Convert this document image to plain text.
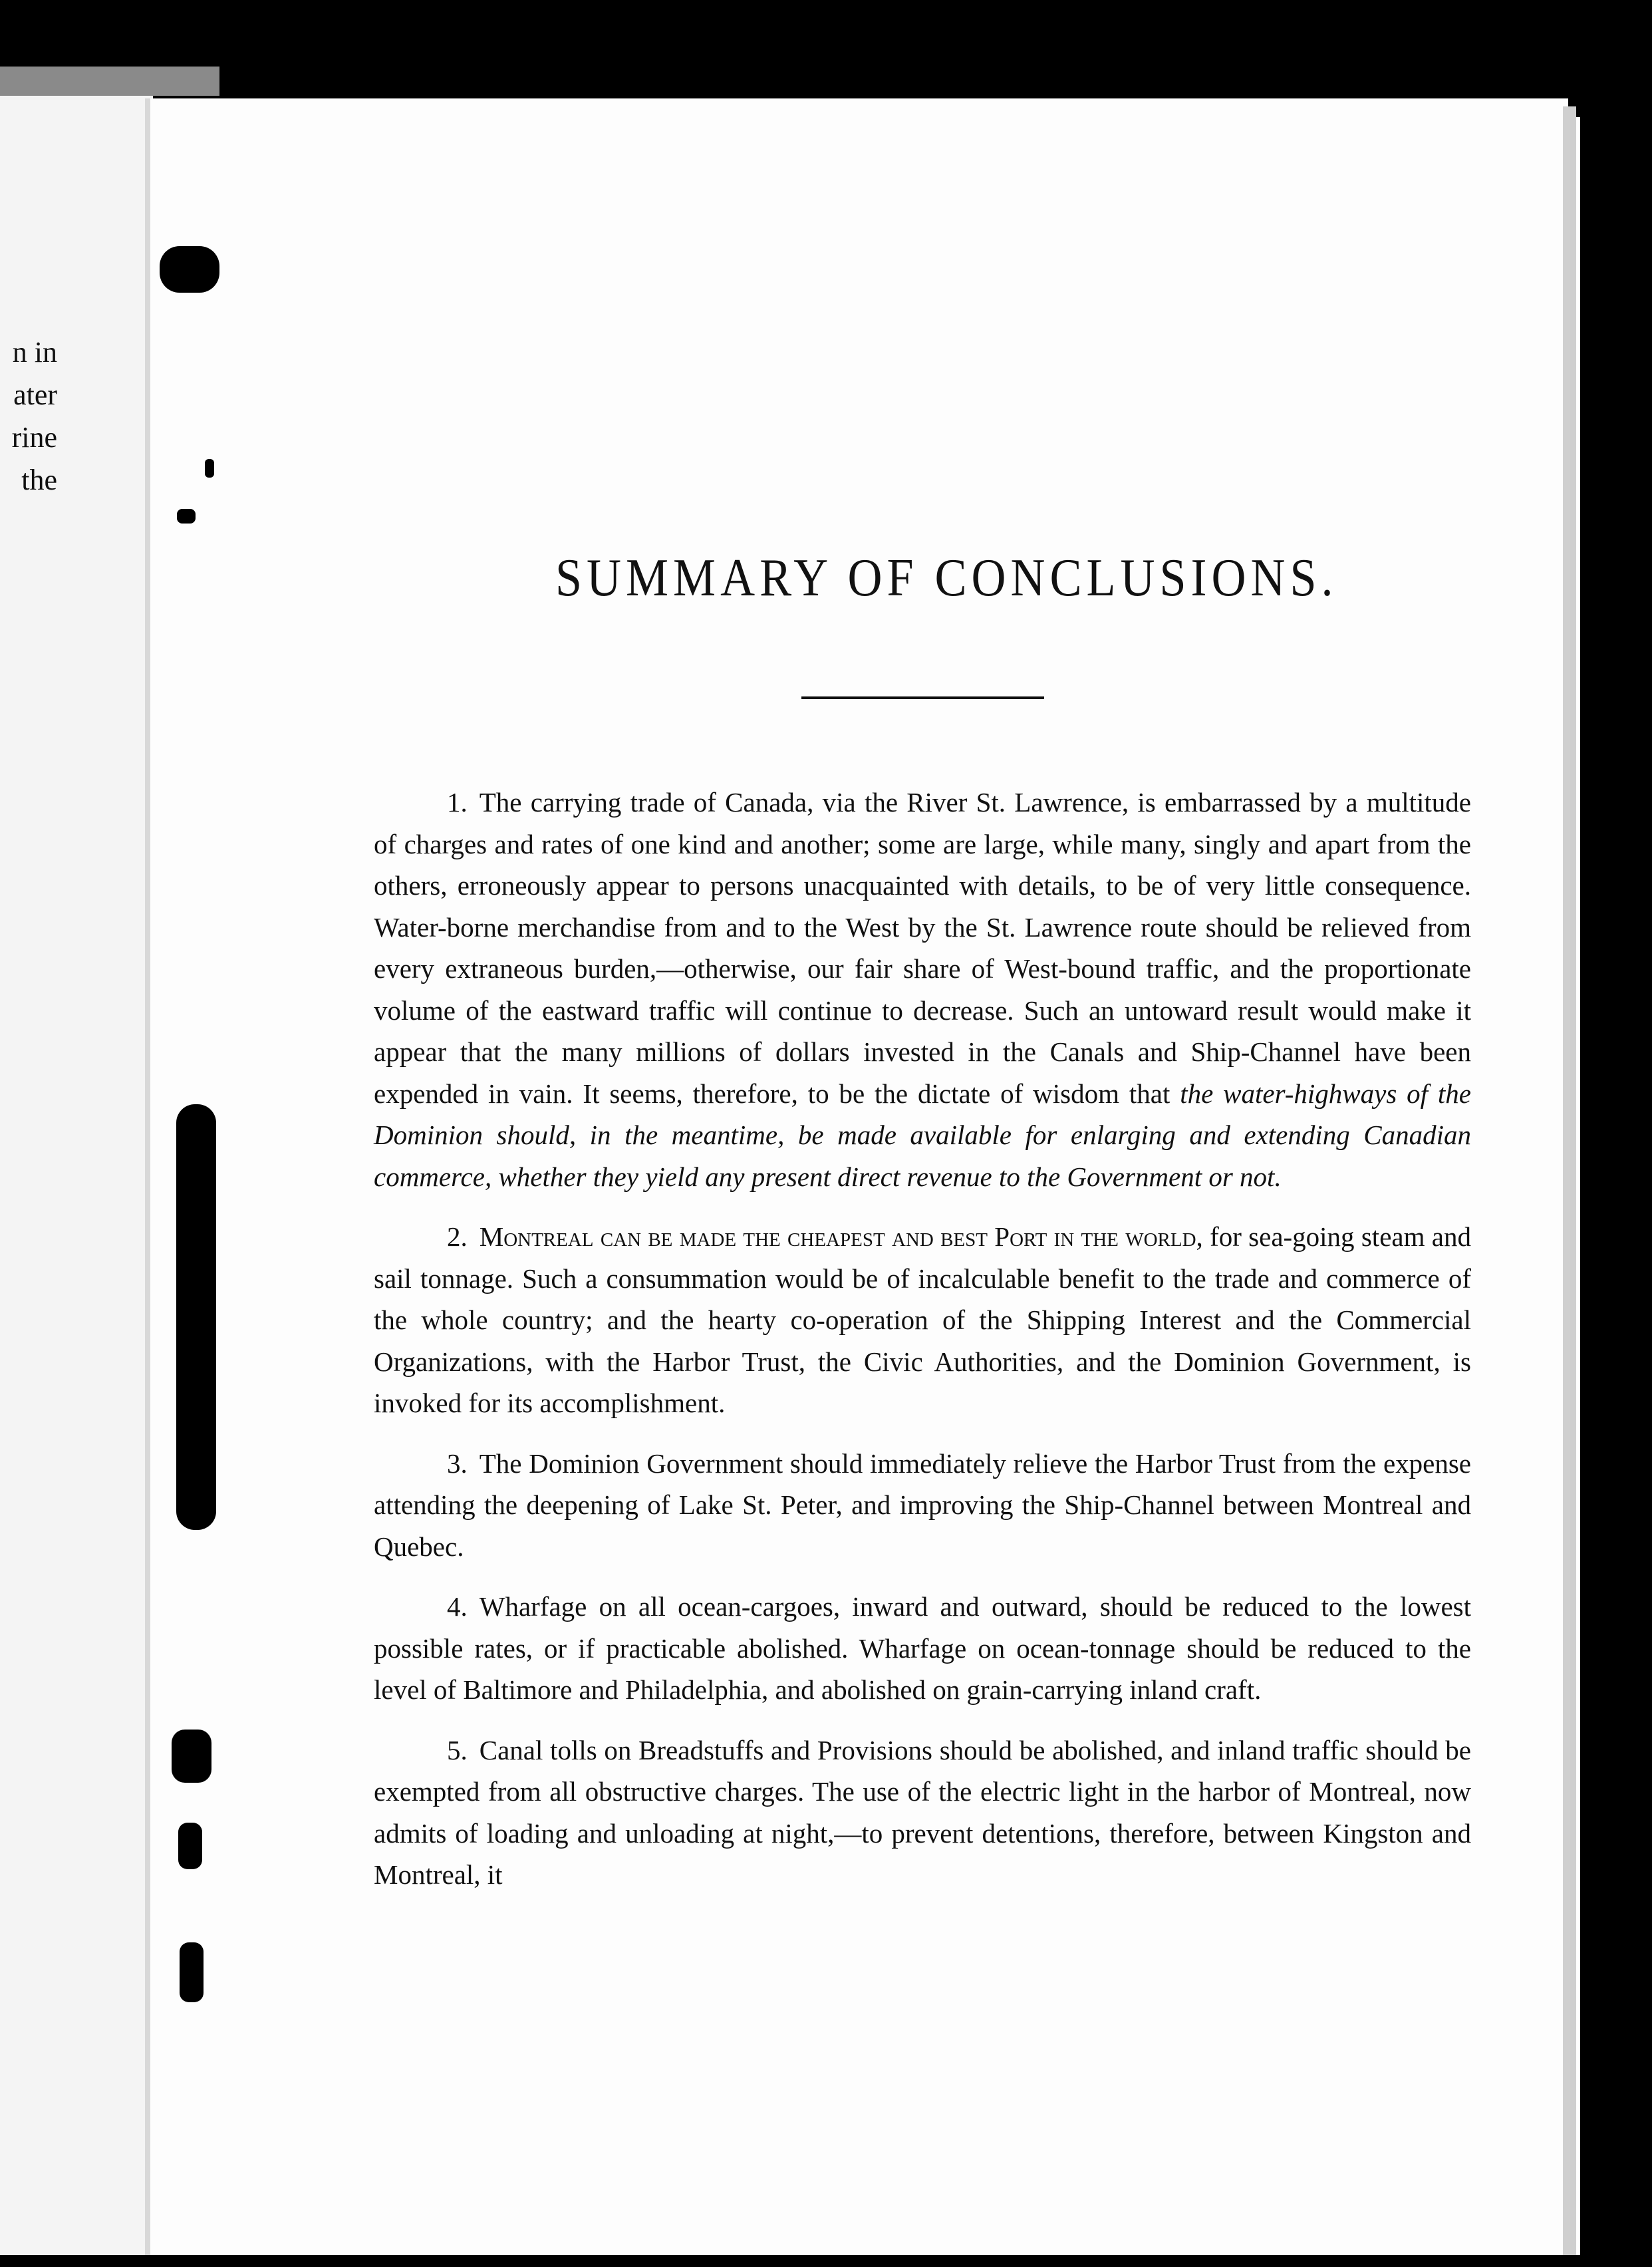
n in
ater
rine
the
SUMMARY OF CONCLUSIONS.

1. The carrying trade of Canada, via the River St. Lawrence, is embarrassed by a multitude of charges and rates of one kind and another; some are large, while many, singly and apart from the others, erroneously appear to persons unacquainted with details, to be of very little consequence. Water-borne merchandise from and to the West by the St. Lawrence route should be relieved from every extraneous burden,—otherwise, our fair share of West-bound traffic, and the proportionate volume of the eastward traffic will continue to decrease. Such an untoward result would make it appear that the many millions of dollars invested in the Canals and Ship-Channel have been expended in vain. It seems, therefore, to be the dictate of wisdom that the water-highways of the Dominion should, in the meantime, be made available for enlarging and extending Canadian commerce, whether they yield any present direct revenue to the Government or not.

2. Montreal can be made the cheapest and best Port in the world, for sea-going steam and sail tonnage. Such a consummation would be of incalculable benefit to the trade and commerce of the whole country; and the hearty co-operation of the Shipping Interest and the Commercial Organizations, with the Harbor Trust, the Civic Authorities, and the Dominion Government, is invoked for its accomplishment.

3. The Dominion Government should immediately relieve the Harbor Trust from the expense attending the deepening of Lake St. Peter, and improving the Ship-Channel between Montreal and Quebec.

4. Wharfage on all ocean-cargoes, inward and outward, should be reduced to the lowest possible rates, or if practicable abolished. Wharfage on ocean-tonnage should be reduced to the level of Baltimore and Philadelphia, and abolished on grain-carrying inland craft.

5. Canal tolls on Breadstuffs and Provisions should be abolished, and inland traffic should be exempted from all obstructive charges. The use of the electric light in the harbor of Montreal, now admits of loading and unloading at night,—to prevent detentions, therefore, between Kingston and Montreal, it
